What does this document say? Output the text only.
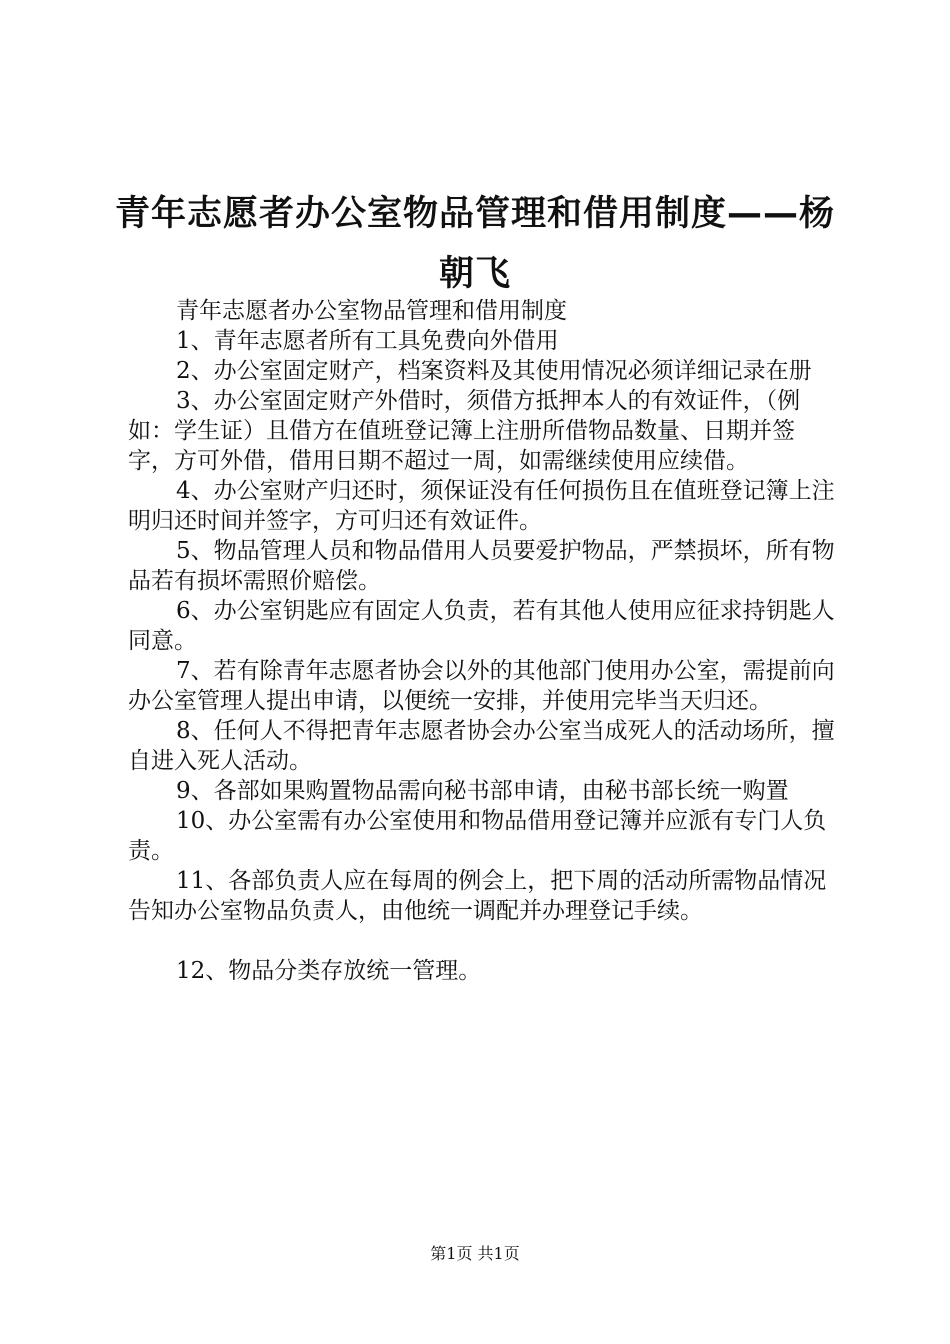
青年志愿者办公室物品管理和借用制度——杨朝飞

青年志愿者办公室物品管理和借用制度

1、青年志愿者所有工具免费向外借用

2、办公室固定财产，档案资料及其使用情况必须详细记录在册

3、办公室固定财产外借时，须借方抵押本人的有效证件，（例如：学生证）且借方在值班登记簿上注册所借物品数量、日期并签字，方可外借，借用日期不超过一周，如需继续使用应续借。

4、办公室财产归还时，须保证没有任何损伤且在值班登记簿上注明归还时间并签字，方可归还有效证件。

5、物品管理人员和物品借用人员要爱护物品，严禁损坏，所有物品若有损坏需照价赔偿。

6、办公室钥匙应有固定人负责，若有其他人使用应征求持钥匙人同意。

7、若有除青年志愿者协会以外的其他部门使用办公室，需提前向办公室管理人提出申请，以便统一安排，并使用完毕当天归还。

8、任何人不得把青年志愿者协会办公室当成死人的活动场所，擅自进入死人活动。

9、各部如果购置物品需向秘书部申请，由秘书部长统一购置

10、办公室需有办公室使用和物品借用登记簿并应派有专门人负责。

11、各部负责人应在每周的例会上，把下周的活动所需物品情况告知办公室物品负责人，由他统一调配并办理登记手续。

12、物品分类存放统一管理。

第1页 共1页
